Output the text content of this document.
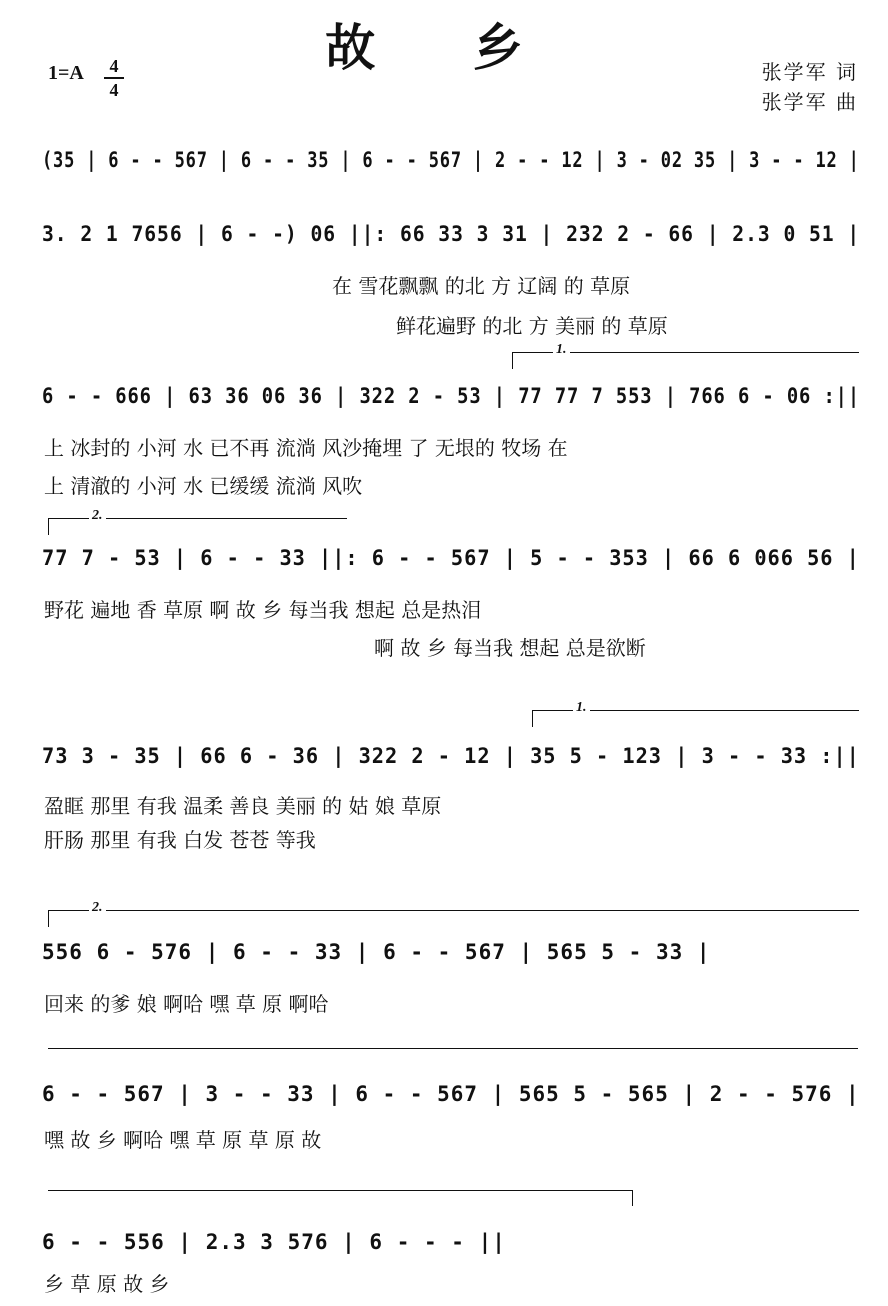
故 乡
1=A	4
4
张学军 词
张学军 曲
(35 | 6 - - 567 | 6 - - 35 | 6 - - 567 | 2 - - 12 | 3 - 02 35 | 3 - - 12 |
3. 2 1 7656 | 6 - -) 06 ||: 66 33 3 31 | 232 2 - 66 | 2.3 0 51 |
在 雪花飘飘 的北 方 辽阔 的 草原
鲜花遍野 的北 方 美丽 的 草原
1.
6 - - 666 | 63 36 06 36 | 322 2 - 53 | 77 77 7 553 | 766 6 - 06 :||
上 冰封的 小河 水 已不再 流淌 风沙掩埋 了 无垠的 牧场 在
上 清澈的 小河 水 已缓缓 流淌 风吹
2.
77 7 - 53 | 6 - - 33 ||: 6 - - 567 | 5 - - 353 | 66 6 066 56 |
野花 遍地 香 草原 啊 故 乡 每当我 想起 总是热泪
啊 故 乡 每当我 想起 总是欲断
1.
73 3 - 35 | 66 6 - 36 | 322 2 - 12 | 35 5 - 123 | 3 - - 33 :||
盈眶 那里 有我 温柔 善良 美丽 的 姑 娘 草原
肝肠 那里 有我 白发 苍苍 等我
2.
556 6 - 576 | 6 - - 33 | 6 - - 567 | 565 5 - 33 |
回来 的爹 娘 啊哈 嘿 草 原 啊哈
6 - - 567 | 3 - - 33 | 6 - - 567 | 565 5 - 565 | 2 - - 576 |
嘿 故 乡 啊哈 嘿 草 原 草 原 故
6 - - 556 | 2.3 3 576 | 6 - - - ||
乡 草 原 故 乡
